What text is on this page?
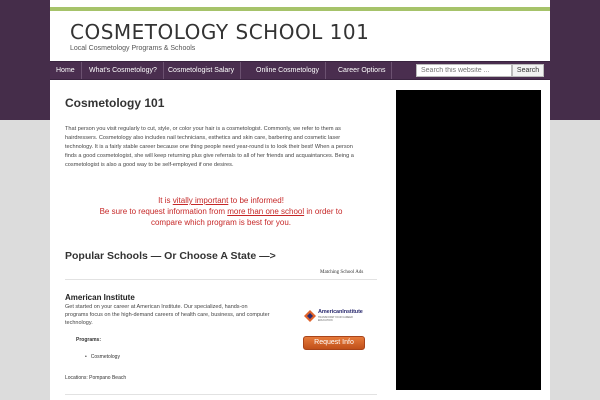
COSMETOLOGY SCHOOL 101
Local Cosmetology Programs & Schools
Home	What's Cosmetology?	Cosmetologist Salary	Online Cosmetology	Career Options
Search this website ...	Search
Cosmetology 101
That person you visit regularly to cut, style, or color your hair is a cosmetologist. Commonly, we refer to them as hairdressers. Cosmetology also includes nail technicians, esthetics and skin care, barbering and cosmetic laser technology. It is a fairly stable career because one thing people need year-round is to look their best! When a person finds a good cosmetologist, she will keep returning plus give referrals to all of her friends and acquaintances. Being a cosmetologist is also a good way to be self-employed if one desires.
It is vitally important to be informed!
Be sure to request information from more than one school in order to
compare which program is best for you.
Popular Schools — Or Choose A State —>
Matching School Ads
American Institute
Get started on your career at American Institute. Our specialized, hands-on programs focus on the high-demand careers of health care, business, and computer technology.
Programs:
• Cosmetology
Locations: Pompano Beach
AmericanInstitute
TRANSFORM YOUR CAREER EDUCATION
Request Info
